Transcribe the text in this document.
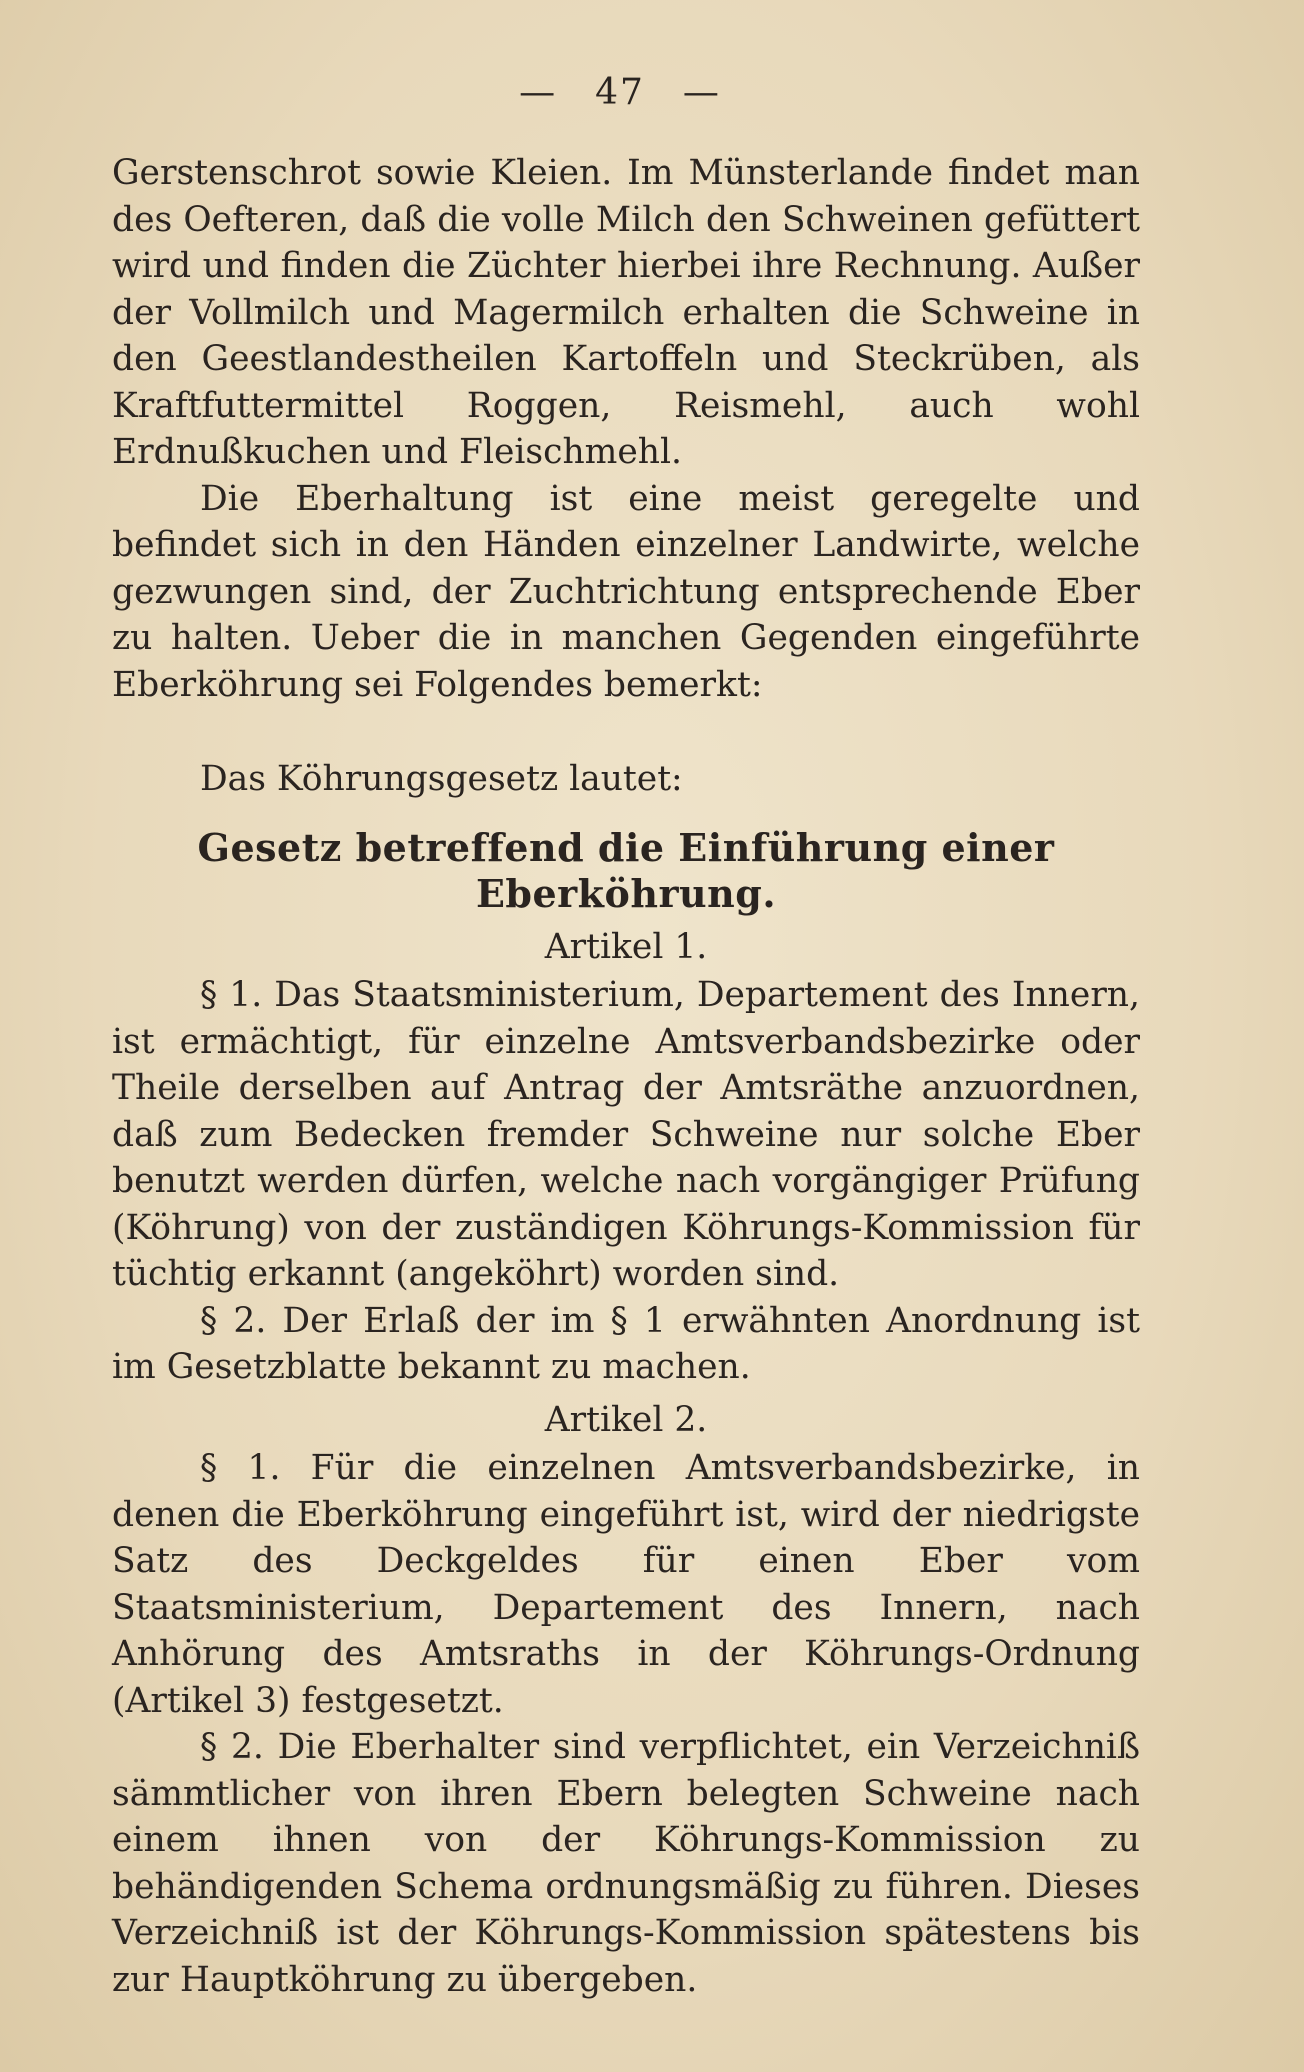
— 47 —

Gerstenschrot sowie Kleien. Im Münsterlande findet man des Oefteren, daß die volle Milch den Schweinen gefüttert wird und finden die Züchter hierbei ihre Rechnung. Außer der Vollmilch und Magermilch erhalten die Schweine in den Geestlandestheilen Kartoffeln und Steckrüben, als Kraftfuttermittel Roggen, Reismehl, auch wohl Erdnußkuchen und Fleischmehl.

Die Eberhaltung ist eine meist geregelte und befindet sich in den Händen einzelner Landwirte, welche gezwungen sind, der Zuchtrichtung entsprechende Eber zu halten. Ueber die in manchen Gegenden eingeführte Eberköhrung sei Folgendes bemerkt:

Das Köhrungsgesetz lautet:

Gesetz betreffend die Einführung einer Eberköhrung.

Artikel 1.

§ 1. Das Staatsministerium, Departement des Innern, ist ermächtigt, für einzelne Amtsverbandsbezirke oder Theile derselben auf Antrag der Amtsräthe anzuordnen, daß zum Bedecken fremder Schweine nur solche Eber benutzt werden dürfen, welche nach vorgängiger Prüfung (Köhrung) von der zuständigen Köhrungs-Kommission für tüchtig erkannt (angeköhrt) worden sind.

§ 2. Der Erlaß der im § 1 erwähnten Anordnung ist im Gesetzblatte bekannt zu machen.

Artikel 2.

§ 1. Für die einzelnen Amtsverbandsbezirke, in denen die Eberköhrung eingeführt ist, wird der niedrigste Satz des Deckgeldes für einen Eber vom Staatsministerium, Departement des Innern, nach Anhörung des Amtsraths in der Köhrungs-Ordnung (Artikel 3) festgesetzt.

§ 2. Die Eberhalter sind verpflichtet, ein Verzeichniß sämmtlicher von ihren Ebern belegten Schweine nach einem ihnen von der Köhrungs-Kommission zu behändigenden Schema ordnungsmäßig zu führen. Dieses Verzeichniß ist der Köhrungs-Kommission spätestens bis zur Hauptköhrung zu übergeben.
